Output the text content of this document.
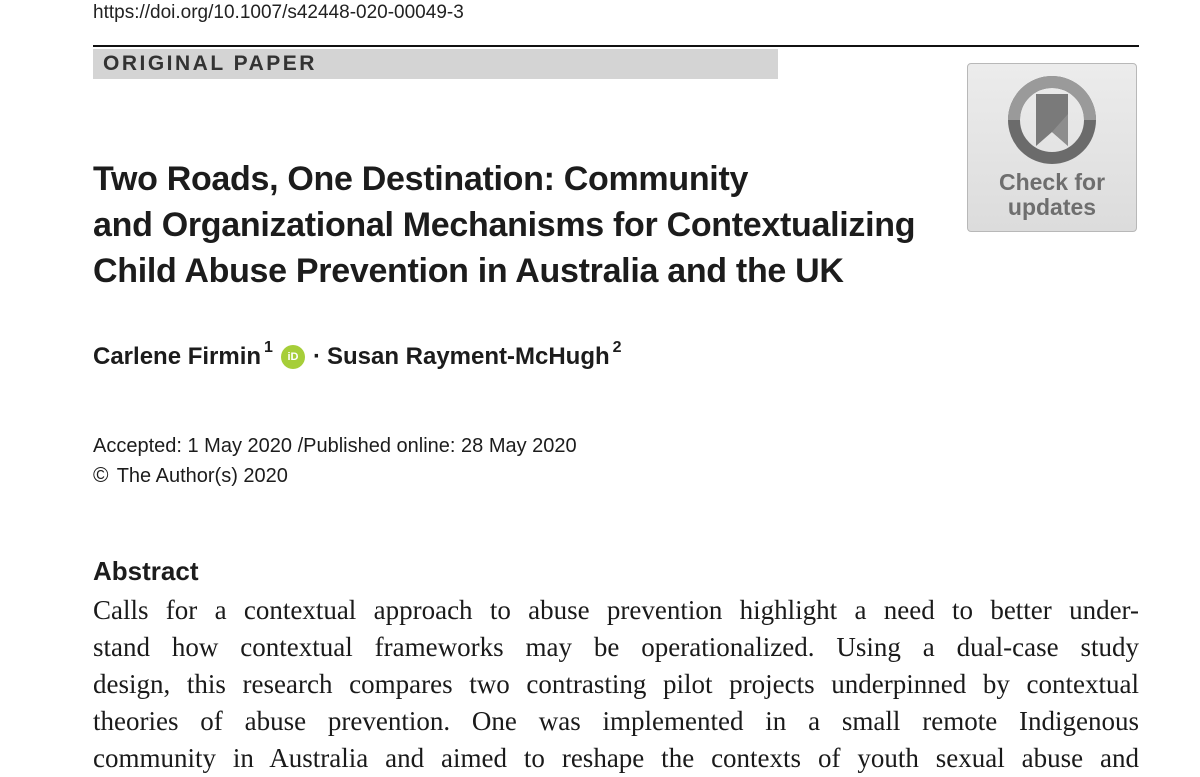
https://doi.org/10.1007/s42448-020-00049-3
ORIGINAL PAPER
Check for
updates
Two Roads, One Destination: Community
and Organizational Mechanisms for Contextualizing
Child Abuse Prevention in Australia and the UK
Carlene Firmin$^1$
iD · Susan Rayment-McHugh$^2$
Accepted: 1 May 2020 /Published online: 28 May 2020
© The Author(s) 2020
Abstract
Calls for a contextual approach to abuse prevention highlight a need to better under-
stand how contextual frameworks may be operationalized. Using a dual-case study
design, this research compares two contrasting pilot projects underpinned by contextual
theories of abuse prevention. One was implemented in a small remote Indigenous
community in Australia and aimed to reshape the contexts of youth sexual abuse and
